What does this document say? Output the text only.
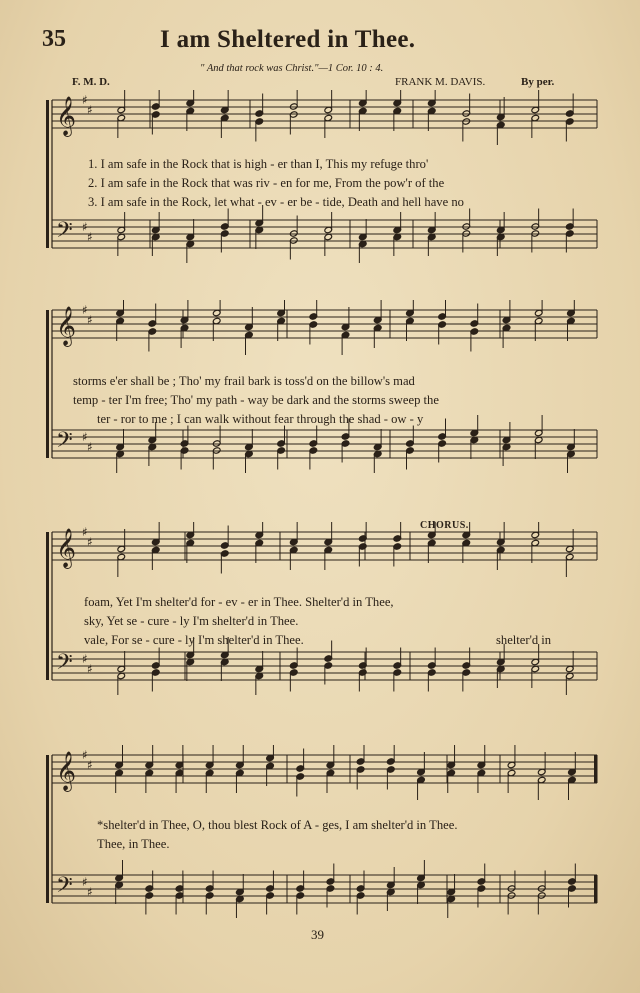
35	I am Sheltered in Thee.
" And that rock was Christ."—1 Cor. 10 : 4.
F. M. D.	FRANK M. DAVIS.	By per.
𝄞
𝄢
♯
♯
♯
♯
1. I am safe in the Rock that is high - er than I, This my refuge thro'
2. I am safe in the Rock that was riv - en for me, From the pow'r of the
3. I am safe in the Rock, let what - ev - er be - tide, Death and hell have no
𝄞
𝄢
♯
♯
♯
♯
storms e'er shall be ; Tho' my frail bark is toss'd on the billow's mad
temp - ter I'm free; Tho' my path - way be dark and the storms sweep the
ter - ror to me ; I can walk without fear through the shad - ow - y
CHORUS.
𝄞
𝄢
♯
♯
♯
♯
foam, Yet I'm shelter'd for - ev - er in Thee. Shelter'd in Thee,
sky, Yet se - cure - ly I'm shelter'd in Thee.
vale, For se - cure - ly I'm shelter'd in Thee.	shelter'd in
𝄞
𝄢
♯
♯
♯
♯
*shelter'd in Thee, O, thou blest Rock of A - ges, I am shelter'd in Thee.
Thee, in Thee.
39
